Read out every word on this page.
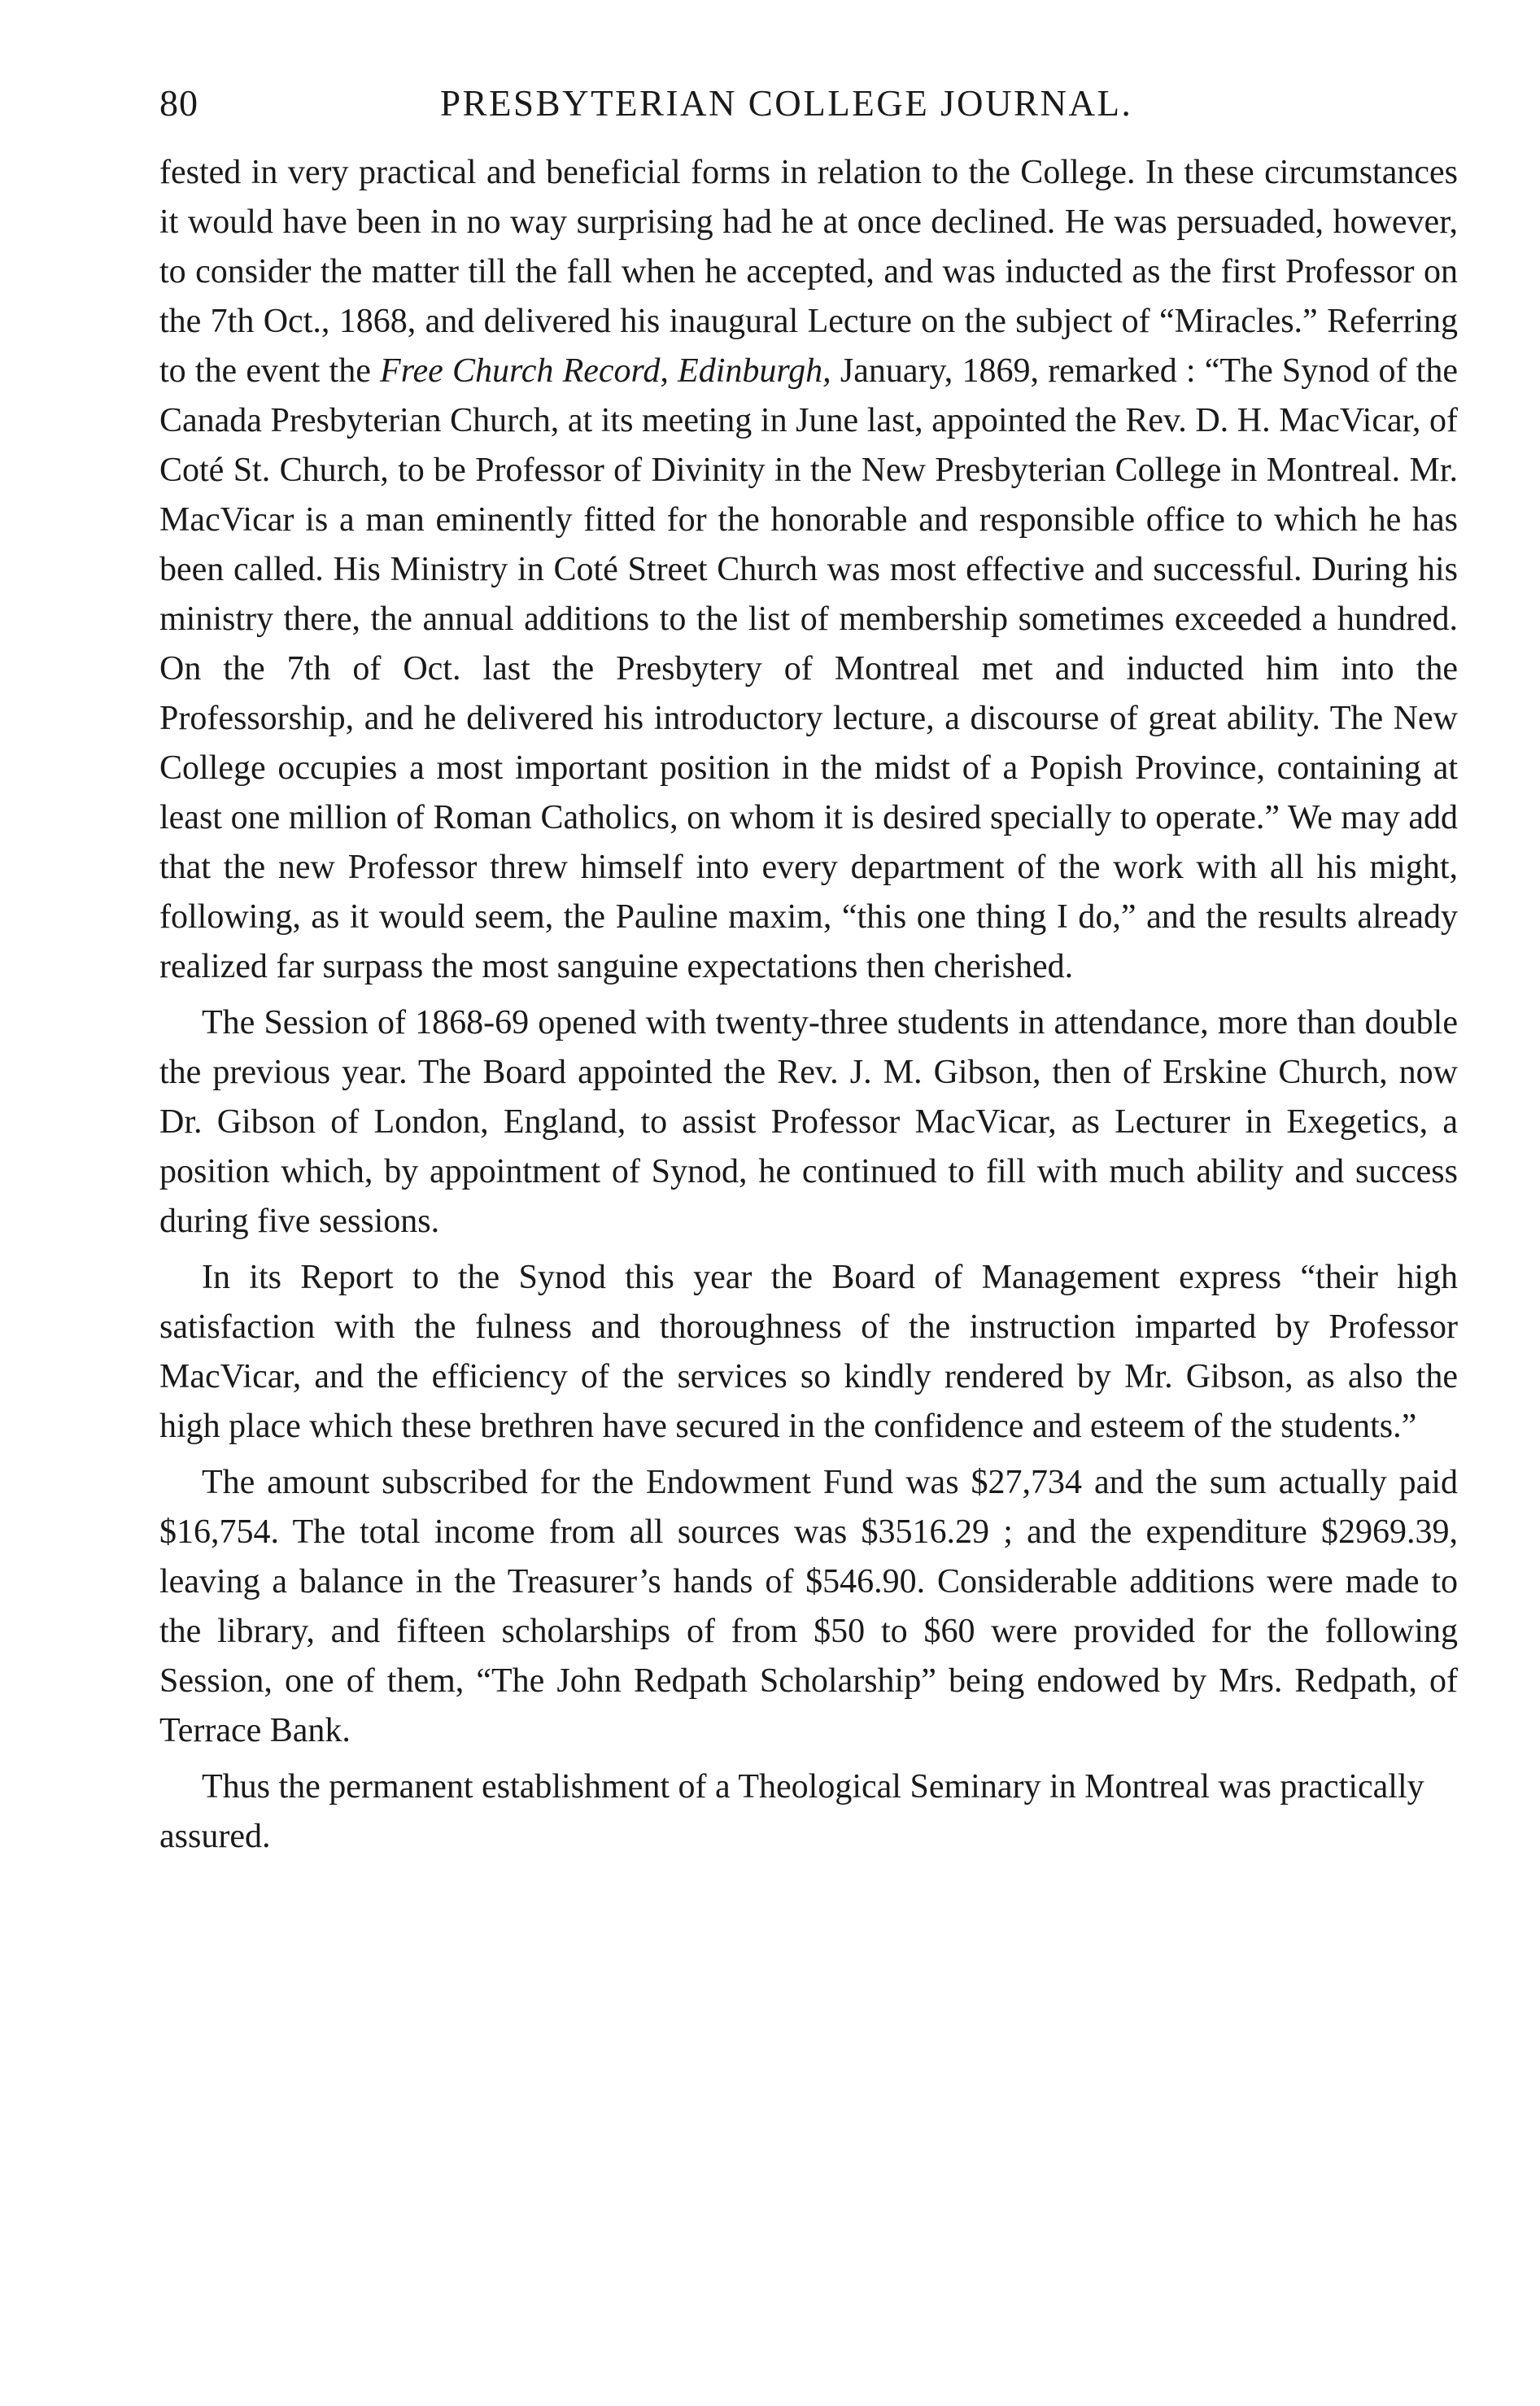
80	PRESBYTERIAN COLLEGE JOURNAL.

fested in very practical and beneficial forms in relation to the College. In these circumstances it would have been in no way surprising had he at once declined. He was persuaded, however, to consider the matter till the fall when he accepted, and was inducted as the first Professor on the 7th Oct., 1868, and delivered his inaugural Lecture on the subject of “Miracles.” Referring to the event the Free Church Record, Edinburgh, January, 1869, remarked : “The Synod of the Canada Presbyterian Church, at its meeting in June last, appointed the Rev. D. H. MacVicar, of Coté St. Church, to be Professor of Divinity in the New Presbyterian College in Montreal. Mr. MacVicar is a man eminently fitted for the honorable and responsible office to which he has been called. His Ministry in Coté Street Church was most effective and successful. During his ministry there, the annual additions to the list of membership sometimes exceeded a hundred. On the 7th of Oct. last the Presbytery of Montreal met and inducted him into the Professorship, and he delivered his introductory lecture, a discourse of great ability. The New College occupies a most important position in the midst of a Popish Province, containing at least one million of Roman Catholics, on whom it is desired specially to operate.” We may add that the new Professor threw himself into every department of the work with all his might, following, as it would seem, the Pauline maxim, “this one thing I do,” and the results already realized far surpass the most sanguine expectations then cherished.

The Session of 1868-69 opened with twenty-three students in attendance, more than double the previous year. The Board appointed the Rev. J. M. Gibson, then of Erskine Church, now Dr. Gibson of London, England, to assist Professor MacVicar, as Lecturer in Exegetics, a position which, by appointment of Synod, he continued to fill with much ability and success during five sessions.

In its Report to the Synod this year the Board of Management express “their high satisfaction with the fulness and thoroughness of the instruction imparted by Professor MacVicar, and the efficiency of the services so kindly rendered by Mr. Gibson, as also the high place which these brethren have secured in the confidence and esteem of the students.”

The amount subscribed for the Endowment Fund was $27,734 and the sum actually paid $16,754. The total income from all sources was $3516.29 ; and the expenditure $2969.39, leaving a balance in the Treasurer’s hands of $546.90. Considerable additions were made to the library, and fifteen scholarships of from $50 to $60 were provided for the following Session, one of them, “The John Redpath Scholarship” being endowed by Mrs. Redpath, of Terrace Bank.

Thus the permanent establishment of a Theological Seminary in Montreal was practically assured.
